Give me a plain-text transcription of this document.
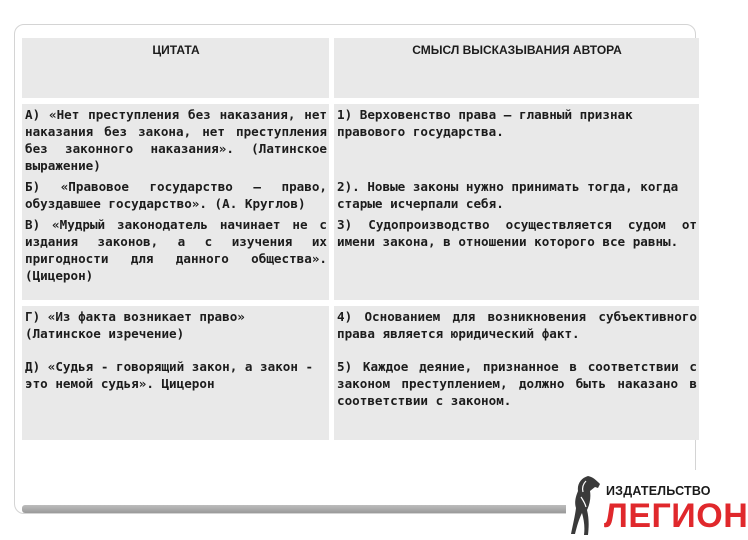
ЦИТАТА	СМЫСЛ ВЫСКАЗЫВАНИЯ АВТОРА
А) «Нет преступления без наказания, нет наказания без закона, нет преступления без законного наказания». (Латинское выражение)	1) Верховенство права – главный признак правового государства.
Б) «Правовое государство – право, обуздавшее государство». (А. Круглов)	2). Новые законы нужно принимать тогда, когда старые исчерпали себя.
В) «Мудрый законодатель начинает не с издания законов, а с изучения их пригодности для данного общества». (Цицерон)	3) Судопроизводство осуществляется судом от имени закона, в отношении которого все равны.
Г) «Из факта возникает право» (Латинское изречение)	4) Основанием для возникновения субъективного права является юридический факт.
Д) «Судья - говорящий закон, а закон - это немой судья». Цицерон	5) Каждое деяние, признанное в соответствии с законом преступлением, должно быть наказано в соответствии с законом.
ИЗДАТЕЛЬСТВО
ЛЕГИОН
